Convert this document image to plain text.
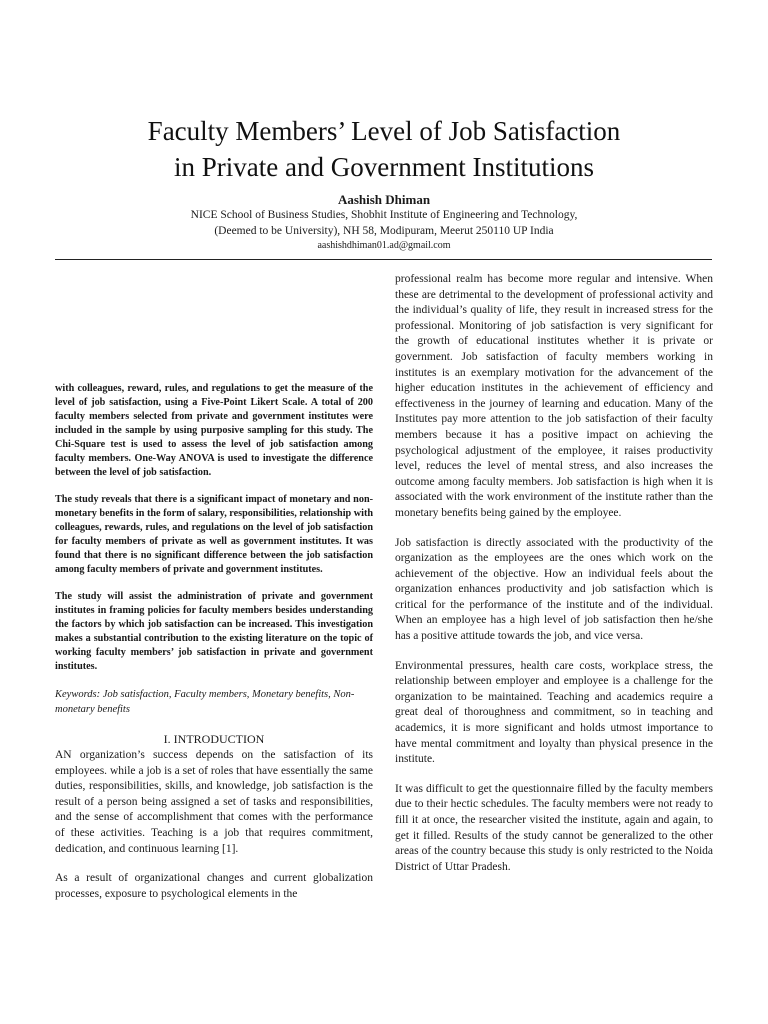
Faculty Members’ Level of Job Satisfaction
in Private and Government Institutions
Aashish Dhiman
NICE School of Business Studies, Shobhit Institute of Engineering and Technology,
(Deemed to be University), NH 58, Modipuram, Meerut 250110 UP India
aashishdhiman01.ad@gmail.com

with colleagues, reward, rules, and regulations to get the measure of the level of job satisfaction, using a Five-Point Likert Scale. A total of 200 faculty members selected from private and government institutes were included in the sample by using purposive sampling for this study. The Chi-Square test is used to assess the level of job satisfaction among faculty members. One-Way ANOVA is used to investigate the difference between the level of job satisfaction.

The study reveals that there is a significant impact of monetary and non-monetary benefits in the form of salary, responsibilities, relationship with colleagues, rewards, rules, and regulations on the level of job satisfaction for faculty members of private as well as government institutes. It was found that there is no significant difference between the job satisfaction among faculty members of private and government institutes.

The study will assist the administration of private and government institutes in framing policies for faculty members besides understanding the factors by which job satisfaction can be increased. This investigation makes a substantial contribution to the existing literature on the topic of working faculty members’ job satisfaction in private and government institutes.

Keywords: Job satisfaction, Faculty members, Monetary benefits, Non-monetary benefits

I. INTRODUCTION

AN organization’s success depends on the satisfaction of its employees. while a job is a set of roles that have essentially the same duties, responsibilities, skills, and knowledge, job satisfaction is the result of a person being assigned a set of tasks and responsibilities, and the sense of accomplishment that comes with the performance of these activities. Teaching is a job that requires commitment, dedication, and continuous learning [1].

As a result of organizational changes and current globalization processes, exposure to psychological elements in the

professional realm has become more regular and intensive. When these are detrimental to the development of professional activity and the individual’s quality of life, they result in increased stress for the professional. Monitoring of job satisfaction is very significant for the growth of educational institutes whether it is private or government. Job satisfaction of faculty members working in institutes is an exemplary motivation for the advancement of the higher education institutes in the achievement of efficiency and effectiveness in the journey of learning and education. Many of the Institutes pay more attention to the job satisfaction of their faculty members because it has a positive impact on achieving the psychological adjustment of the employee, it raises productivity level, reduces the level of mental stress, and also increases the outcome among faculty members. Job satisfaction is high when it is associated with the work environment of the institute rather than the monetary benefits being gained by the employee.

Job satisfaction is directly associated with the productivity of the organization as the employees are the ones which work on the achievement of the objective. How an individual feels about the organization enhances productivity and job satisfaction which is critical for the performance of the institute and of the individual. When an employee has a high level of job satisfaction then he/she has a positive attitude towards the job, and vice versa.

Environmental pressures, health care costs, workplace stress, the relationship between employer and employee is a challenge for the organization to be maintained. Teaching and academics require a great deal of thoroughness and commitment, so in teaching and academics, it is more significant and holds utmost importance to have mental commitment and loyalty than physical presence in the institute.

It was difficult to get the questionnaire filled by the faculty members due to their hectic schedules. The faculty members were not ready to fill it at once, the researcher visited the institute, again and again, to get it filled. Results of the study cannot be generalized to the other areas of the country because this study is only restricted to the Noida District of Uttar Pradesh.
